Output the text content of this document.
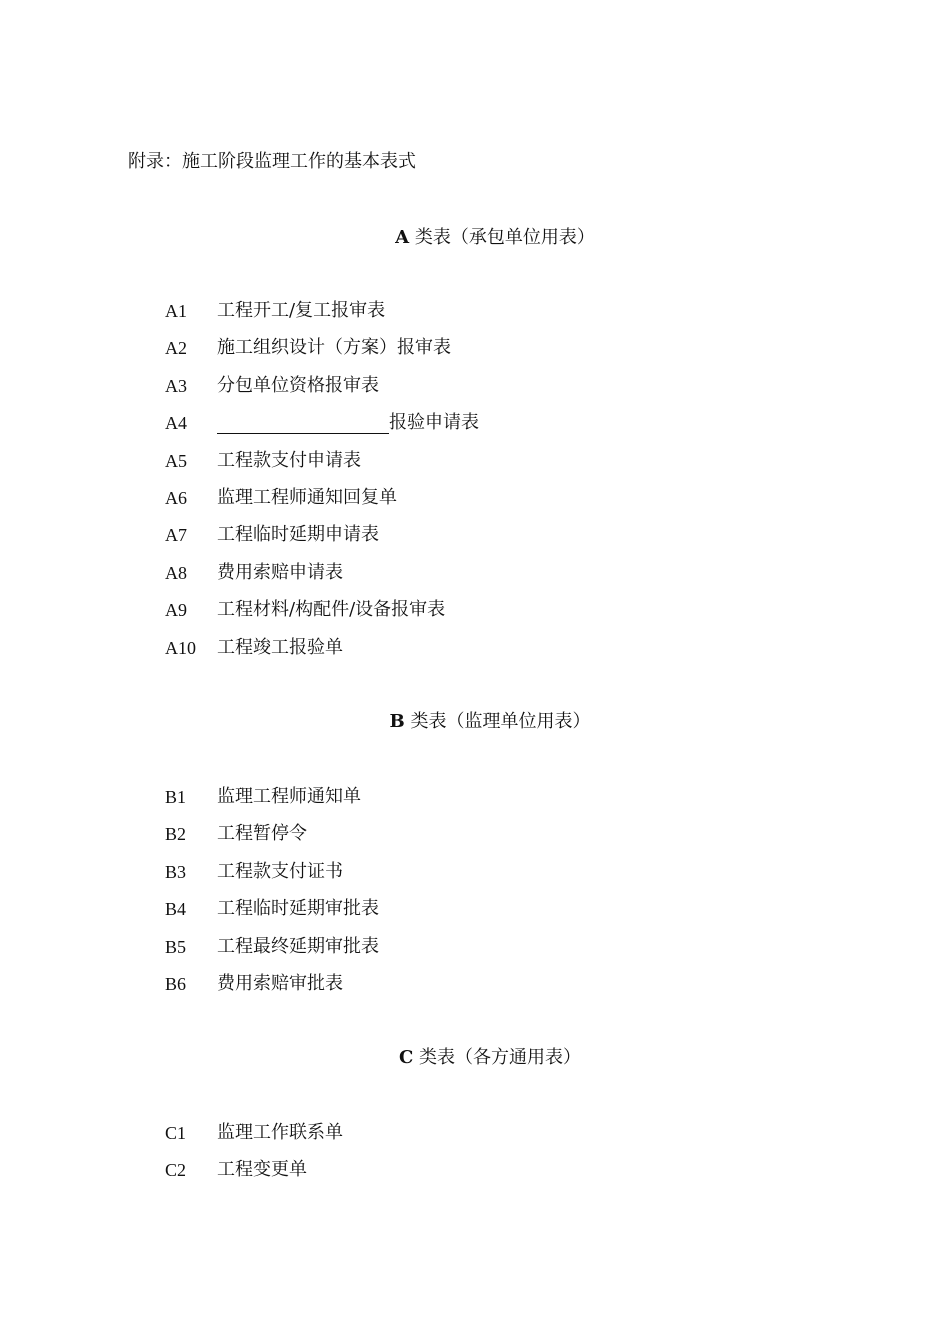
附录：施工阶段监理工作的基本表式
A 类表（承包单位用表）
A1	工程开工/复工报审表
A2	施工组织设计（方案）报审表
A3	分包单位资格报审表
A4	报验申请表
A5	工程款支付申请表
A6	监理工程师通知回复单
A7	工程临时延期申请表
A8	费用索赔申请表
A9	工程材料/构配件/设备报审表
A10	工程竣工报验单
B 类表（监理单位用表）
B1	监理工程师通知单
B2	工程暂停令
B3	工程款支付证书
B4	工程临时延期审批表
B5	工程最终延期审批表
B6	费用索赔审批表
C 类表（各方通用表）
C1	监理工作联系单
C2	工程变更单
